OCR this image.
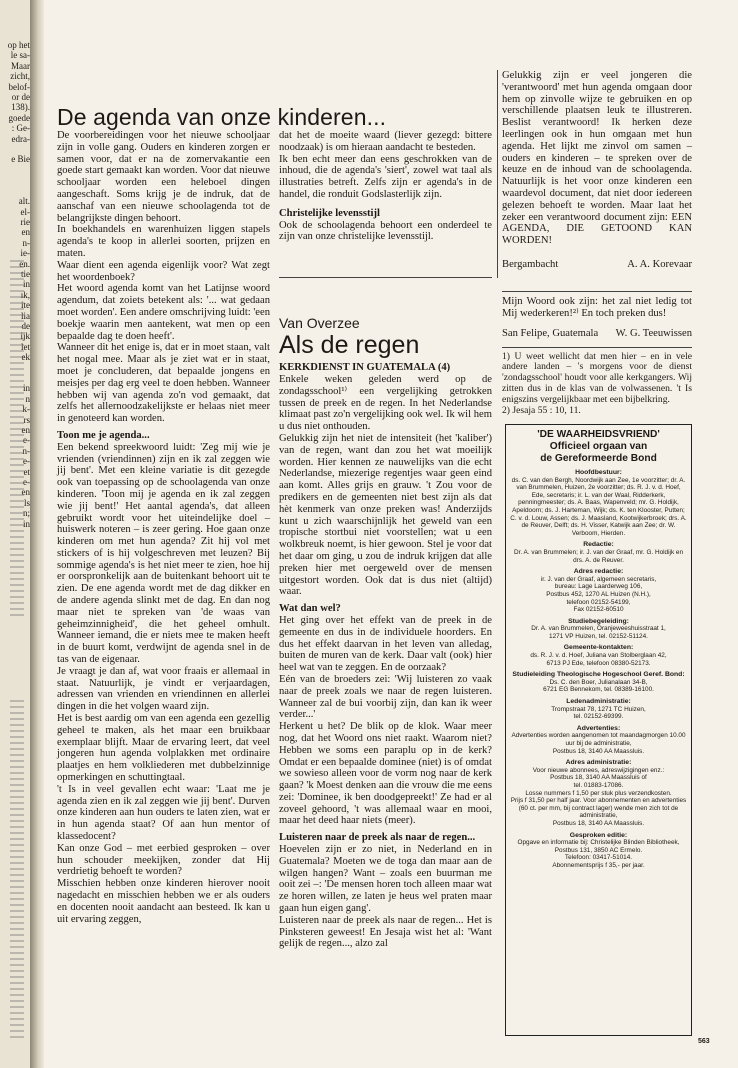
op het
le sa-
Maar
zicht,
belof-
or de
138).
goede
: Ge-
edra-

e Bie

alt.
el-
rie
en
n-
ie-
en.
tie
in
ık,
ite
lia
de
ijk
let
ek

in
n
k-
rs
en
e-
n-
e-
et
e-
en
ls
n;
in
De agenda van onze kinderen...

De voorbereidingen voor het nieuwe schooljaar zijn in volle gang. Ouders en kinderen zorgen er samen voor, dat er na de zomervakantie een goede start gemaakt kan worden. Voor dat nieuwe schooljaar worden een heleboel dingen aangeschaft. Soms krijg je de indruk, dat de aanschaf van een nieuwe schoolagenda tot de belangrijkste dingen behoort.

In boekhandels en warenhuizen liggen stapels agenda's te koop in allerlei soorten, prijzen en maten.

Waar dient een agenda eigenlijk voor? Wat zegt het woordenboek?

Het woord agenda komt van het Latijnse woord agendum, dat zoiets betekent als: '... wat gedaan moet worden'. Een andere omschrijving luidt: 'een boekje waarin men aantekent, wat men op een bepaalde dag te doen heeft'.

Wanneer dit het enige is, dat er in moet staan, valt het nogal mee. Maar als je ziet wat er in staat, moet je concluderen, dat bepaalde jongens en meisjes per dag erg veel te doen hebben. Wanneer hebben wij van agenda zo'n vod gemaakt, dat zelfs het allernoodzakelijkste er helaas niet meer in genoteerd kan worden.

Toon me je agenda...

Een bekend spreekwoord luidt: 'Zeg mij wie je vrienden (vriendinnen) zijn en ik zal zeggen wie jij bent'. Met een kleine variatie is dit gezegde ook van toepassing op de schoolagenda van onze kinderen. 'Toon mij je agenda en ik zal zeggen wie jij bent!' Het aantal agenda's, dat alleen gebruikt wordt voor het uiteindelijke doel – huiswerk noteren – is zeer gering. Hoe gaan onze kinderen om met hun agenda? Zit hij vol met stickers of is hij volgeschreven met leuzen? Bij sommige agenda's is het niet meer te zien, hoe hij er oorspronkelijk aan de buitenkant behoort uit te zien. De ene agenda wordt met de dag dikker en de andere agenda slinkt met de dag. En dan nog maar niet te spreken van 'de waas van geheimzinnigheid', die het geheel omhult. Wanneer iemand, die er niets mee te maken heeft in de buurt komt, verdwijnt de agenda snel in de tas van de eigenaar.

Je vraagt je dan af, wat voor fraais er allemaal in staat. Natuurlijk, je vindt er verjaardagen, adressen van vrienden en vriendinnen en allerlei dingen in die het volgen waard zijn.

Het is best aardig om van een agenda een gezellig geheel te maken, als het maar een bruikbaar exemplaar blijft. Maar de ervaring leert, dat veel jongeren hun agenda volplakken met ordinaire plaatjes en hem volkliederen met dubbelzinnige opmerkingen en schuttingtaal.

't Is in veel gevallen echt waar: 'Laat me je agenda zien en ik zal zeggen wie jij bent'. Durven onze kinderen aan hun ouders te laten zien, wat er in hun agenda staat? Of aan hun mentor of klassedocent?

Kan onze God – met eerbied gesproken – over hun schouder meekijken, zonder dat Hij verdrietig behoeft te worden?

Misschien hebben onze kinderen hierover nooit nagedacht en misschien hebben we er als ouders en docenten nooit aandacht aan besteed. Ik kan u uit ervaring zeggen,

dat het de moeite waard (liever gezegd: bittere noodzaak) is om hieraan aandacht te besteden.

Ik ben echt meer dan eens geschrokken van de inhoud, die de agenda's 'siert', zowel wat taal als illustraties betreft. Zelfs zijn er agenda's in de handel, die ronduit Godslasterlijk zijn.

Christelijke levensstijl

Ook de schoolagenda behoort een onderdeel te zijn van onze christelijke levensstijl.

Van Overzee
Als de regen
KERKDIENST IN GUATEMALA (4)

Enkele weken geleden werd op de zondagsschool¹⁾ een vergelijking getrokken tussen de preek en de regen. In het Nederlandse klimaat past zo'n vergelijking ook wel. Ik wil hem u dus niet onthouden.

Gelukkig zijn het niet de intensiteit (het 'kaliber') van de regen, want dan zou het wat moeilijk worden. Hier kennen ze nauwelijks van die echt Nederlandse, miezerige regentjes waar geen eind aan komt. Alles grijs en grauw. 't Zou voor de predikers en de gemeenten niet best zijn als dat hèt kenmerk van onze preken was! Anderzijds kunt u zich waarschijnlijk het geweld van een tropische stortbui niet voorstellen; wat u een wolkbreuk noemt, is hier gewoon. Stel je voor dat het daar om ging, u zou de indruk krijgen dat alle preken hier met oergeweld over de mensen uitgestort worden. Ook dat is dus niet (altijd) waar.

Wat dan wel?

Het ging over het effekt van de preek in de gemeente en dus in de individuele hoorders. En dus het effekt daarvan in het leven van alledag, buiten de muren van de kerk. Daar valt (ook) hier heel wat van te zeggen. En de oorzaak?

Eén van de broeders zei: 'Wij luisteren zo vaak naar de preek zoals we naar de regen luisteren. Wanneer zal de bui voorbij zijn, dan kan ik weer verder...'

Herkent u het? De blik op de klok. Waar meer nog, dat het Woord ons niet raakt. Waarom niet? Hebben we soms een paraplu op in de kerk? Omdat er een bepaalde dominee (niet) is of omdat we sowieso alleen voor de vorm nog naar de kerk gaan? 'k Moest denken aan die vrouw die me eens zei: 'Dominee, ik ben doodgepreekt!' Ze had er al zoveel gehoord, 't was allemaal waar en mooi, maar het deed haar niets (meer).

Luisteren naar de preek als naar de regen...

Hoevelen zijn er zo niet, in Nederland en in Guatemala? Moeten we de toga dan maar aan de wilgen hangen? Want – zoals een buurman me ooit zei –: 'De mensen horen toch alleen maar wat ze horen willen, ze laten je heus wel praten maar gaan hun eigen gang'.

Luisteren naar de preek als naar de regen... Het is Pinksteren geweest! En Jesaja wist het al: 'Want gelijk de regen..., alzo zal

Gelukkig zijn er veel jongeren die 'verantwoord' met hun agenda omgaan door hem op zinvolle wijze te gebruiken en op verschillende plaatsen leuk te illustreren. Beslist verantwoord! Ik herken deze leerlingen ook in hun omgaan met hun agenda. Het lijkt me zinvol om samen – ouders en kinderen – te spreken over de keuze en de inhoud van de schoolagenda. Natuurlijk is het voor onze kinderen een waardevol document, dat niet door iedereen gelezen behoeft te worden. Maar laat het zeker een verantwoord document zijn: EEN AGENDA, DIE GETOOND KAN WORDEN!

Bergambacht	A. A. Korevaar

Mijn Woord ook zijn: het zal niet ledig tot Mij wederkeren!²⁾ En toch preken dus!

San Felipe, Guatemala W. G. Teeuwissen

1) U weet wellicht dat men hier – en in vele andere landen – 's morgens voor de dienst 'zondagsschool' houdt voor alle kerkgangers. Wij zitten dus in de klas van de volwassenen. 't Is enigszins vergelijkbaar met een bijbelkring.

2) Jesaja 55 : 10, 11.

'DE WAARHEIDSVRIEND'
Officieel orgaan van
de Gereformeerde Bond
Hoofdbestuur:
ds. C. van den Bergh, Noordwijk aan Zee, 1e voorzitter; dr. A. van Brummelen, Huizen, 2e voorzitter; ds. R. J. v. d. Hoef, Ede, secretaris; ir. L. van der Waal, Ridderkerk, penningmeester; ds. A. Baas, Wapenveld; mr. G. Holdijk, Apeldoorn; ds. J. Harteman, Wijk; ds. K. ten Klooster, Putten; C. v. d. Louw, Assen; ds. J. Maasland, Kootwijkerbroek; drs. A. de Reuver, Delft; ds. H. Visser, Katwijk aan Zee; dr. W. Verboom, Hierden.
Redactie:
Dr. A. van Brummelen; ir. J. van der Graaf, mr. G. Holdijk en drs. A. de Reuver.
Adres redactie:
ir. J. van der Graaf, algemeen secretaris,
bureau: Lage Laarderweg 106,
Postbus 452, 1270 AL Huizen (N.H.),
telefoon 02152-54199,
Fax 02152-60510
Studiebegeleiding:
Dr. A. van Brummelen, Oranjeweeshuisstraat 1,
1271 VP Huizen, tel. 02152-51124.
Gemeente-kontakten:
ds. R. J. v. d. Hoef, Juliana van Stolberglaan 42,
6713 PJ Ede, telefoon 08380-52173.
Studieleiding Theologische Hogeschool Geref. Bond:
Ds. C. den Boer, Julianalaan 34-B,
6721 EG Bennekom, tel. 08389-16100.
Ledenadministratie:
Trompstraat 78, 1271 TC Huizen,
tel. 02152-69399.
Advertenties:
Advertenties worden aangenomen tot maandagmorgen 10.00 uur bij de administratie,
Postbus 18, 3140 AA Maassluis.
Adres administratie:
Voor nieuwe abonnees, adreswijzigingen enz.:
Postbus 18, 3140 AA Maassluis of
tel. 01883-17086.
Losse nummers f 1,50 per stuk plus verzendkosten.
Prijs f 31,50 per half jaar. Voor abonnementen en advertenties (60 ct. per mm, bij contract lager) wende men zich tot de administratie,
Postbus 18, 3140 AA Maassluis.
Gesproken editie:
Opgave en informatie bij: Christelijke Blinden Bibliotheek, Postbus 131, 3850 AC Ermelo.
Telefoon: 03417-51014.
Abonnementsprijs f 35,- per jaar.
563
